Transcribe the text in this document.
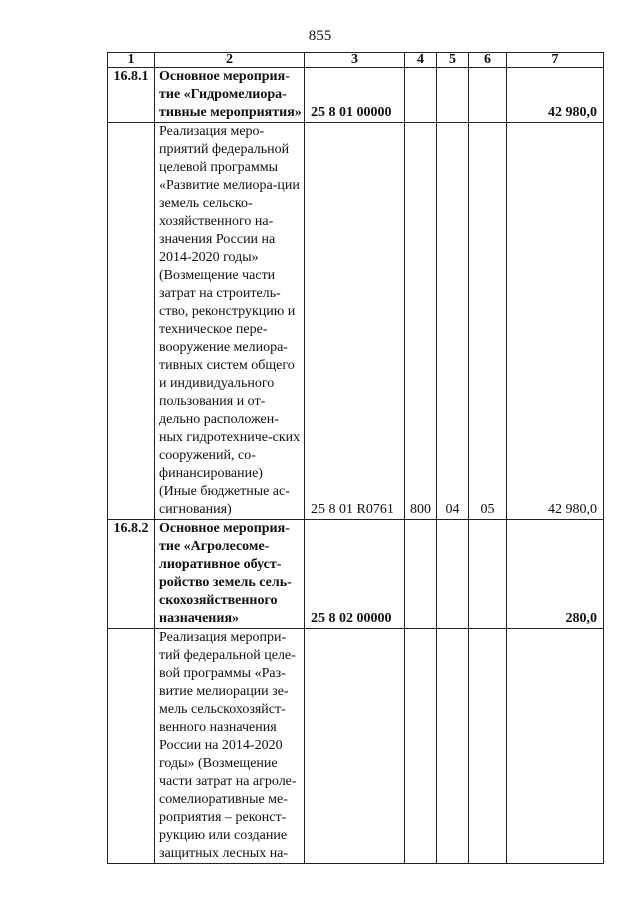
855
1	2	3	4	5	6	7
16.8.1	Основное мероприя-тие «Гидромелиора-тивные мероприятия»	25 8 01 00000				42 980,0
	Реализация меро-приятий федеральной целевой программы «Развитие мелиора-ции земель сельско-хозяйственного на-значения России на 2014-2020 годы» (Возмещение части затрат на строитель-ство, реконструкцию и техническое пере-вооружение мелиора-тивных систем общего и индивидуального пользования и от-дельно расположен-ных гидротехниче-ских сооружений, со-финансирование) (Иные бюджетные ас-сигнования)	25 8 01 R0761	800	04	05	42 980,0
16.8.2	Основное мероприя-тие «Агролесоме-лиоративное обуст-ройство земель сель-скохозяйственного назначения»	25 8 02 00000				280,0
	Реализация меропри-тий федеральной целе-вой программы «Раз-витие мелиорации зе-мель сельскохозяйст-венного назначения России на 2014-2020 годы» (Возмещение части затрат на агроле-сомелиоративные ме-роприятия – реконст-рукцию или создание защитных лесных на-					
